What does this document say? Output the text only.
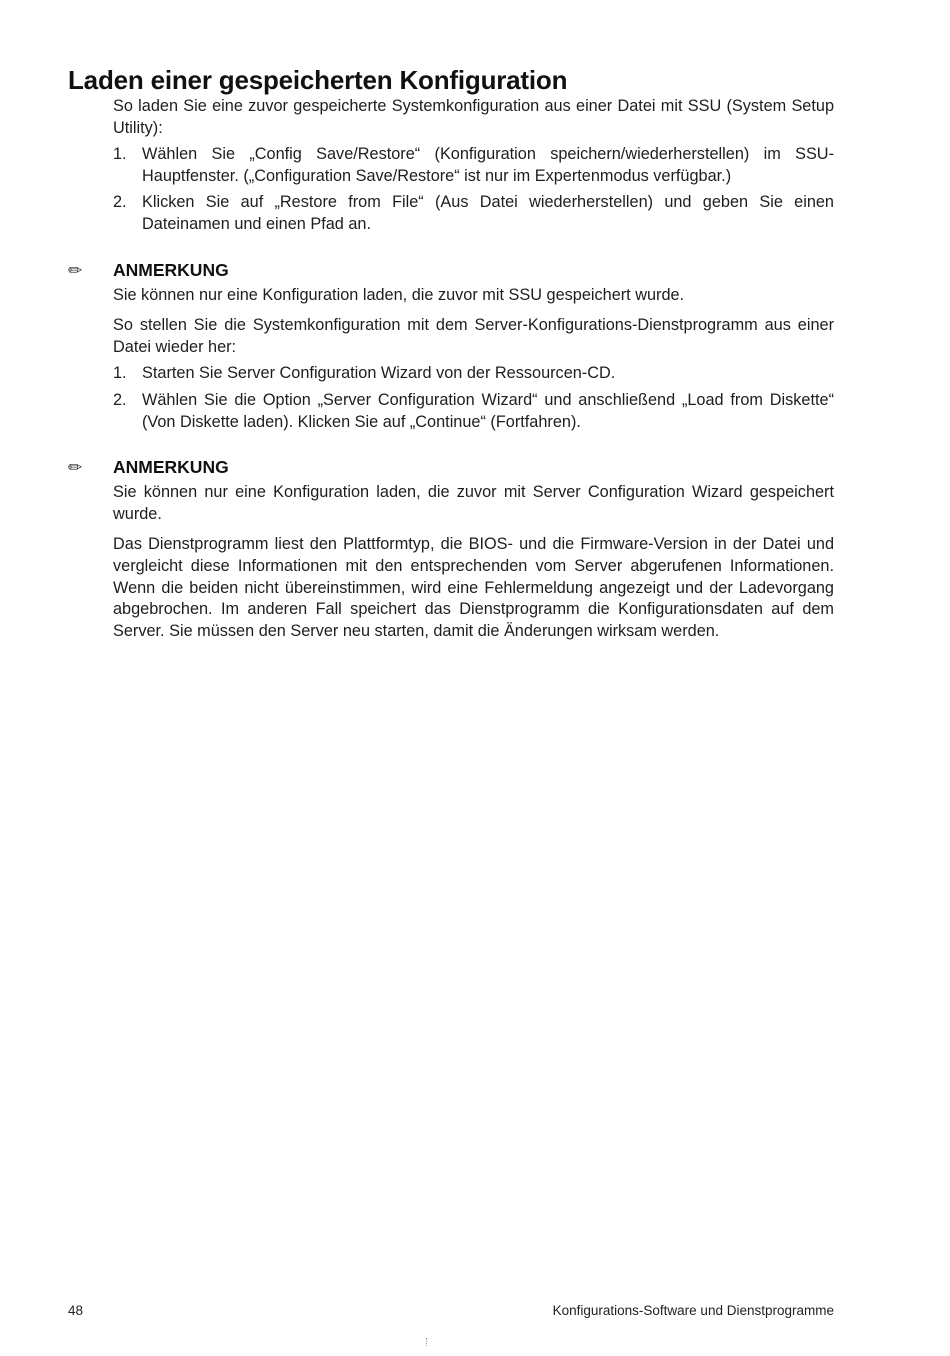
Laden einer gespeicherten Konfiguration

So laden Sie eine zuvor gespeicherte Systemkonfiguration aus einer Datei mit SSU (System Setup Utility):

1. Wählen Sie „Config Save/Restore“ (Konfiguration speichern/wiederherstellen) im SSU-Hauptfenster. („Configuration Save/Restore“ ist nur im Expertenmodus verfügbar.)
2. Klicken Sie auf „Restore from File“ (Aus Datei wiederherstellen) und geben Sie einen Dateinamen und einen Pfad an.
✏ ANMERKUNG

Sie können nur eine Konfiguration laden, die zuvor mit SSU gespeichert wurde.

So stellen Sie die Systemkonfiguration mit dem Server-Konfigurations-Dienstprogramm aus einer Datei wieder her:

1. Starten Sie Server Configuration Wizard von der Ressourcen-CD.
2. Wählen Sie die Option „Server Configuration Wizard“ und anschließend „Load from Diskette“ (Von Diskette laden). Klicken Sie auf „Continue“ (Fortfahren).
✏ ANMERKUNG

Sie können nur eine Konfiguration laden, die zuvor mit Server Configuration Wizard gespeichert wurde.

Das Dienstprogramm liest den Plattformtyp, die BIOS- und die Firmware-Version in der Datei und vergleicht diese Informationen mit den entsprechenden vom Server abgerufenen Informationen. Wenn die beiden nicht übereinstimmen, wird eine Fehlermeldung angezeigt und der Ladevorgang abgebrochen. Im anderen Fall speichert das Dienstprogramm die Konfigurationsdaten auf dem Server. Sie müssen den Server neu starten, damit die Änderungen wirksam werden.

48	Konfigurations-Software und Dienstprogramme
